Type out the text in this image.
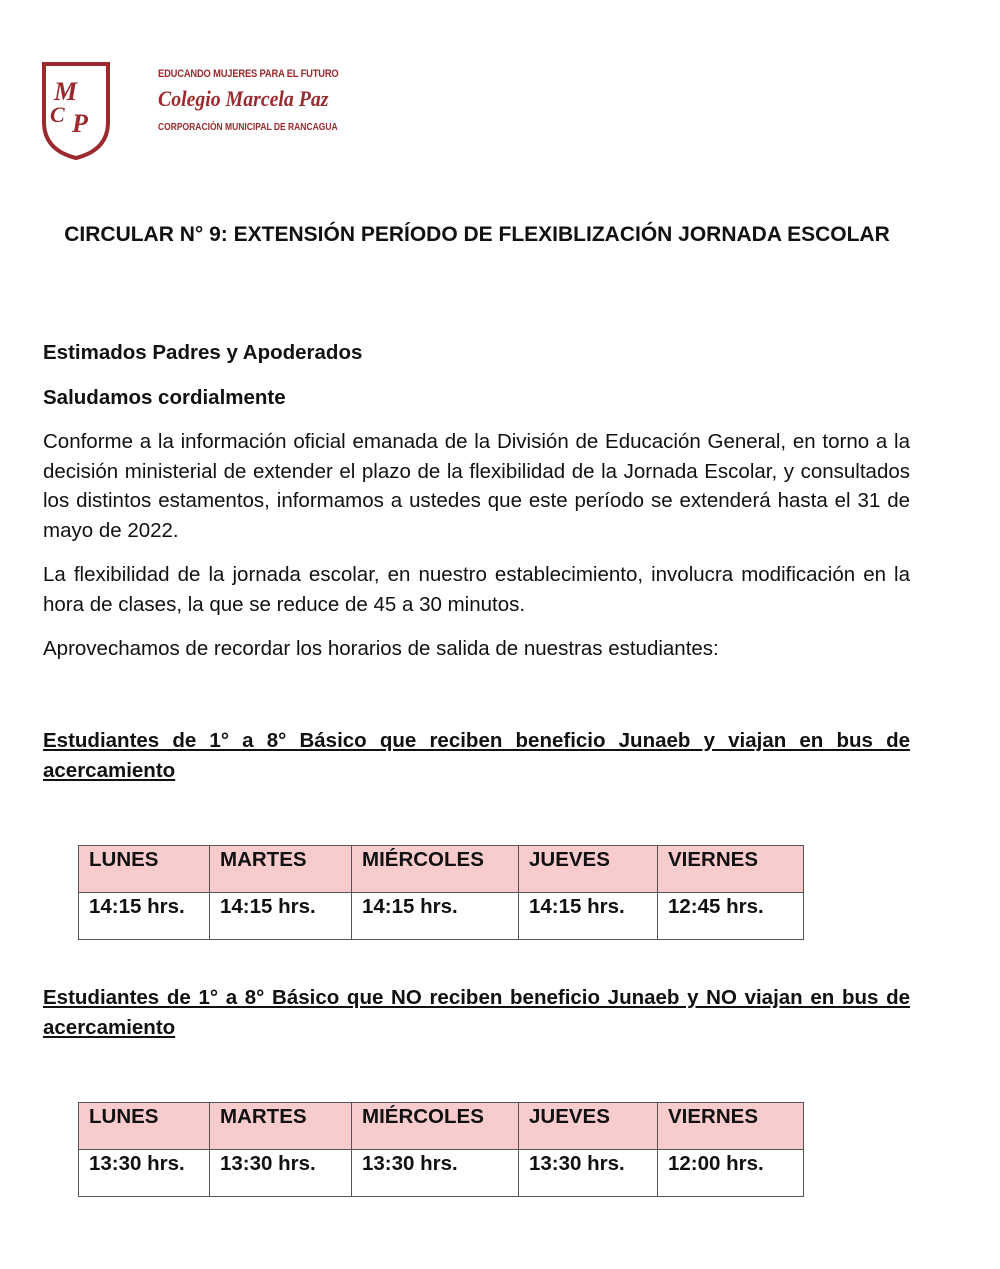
M
C P
EDUCANDO MUJERES PARA EL FUTURO
Colegio Marcela Paz
CORPORACIÓN MUNICIPAL DE RANCAGUA
CIRCULAR N° 9: EXTENSIÓN PERÍODO DE FLEXIBLIZACIÓN JORNADA ESCOLAR

Estimados Padres y Apoderados

Saludamos cordialmente

Conforme a la información oficial emanada de la División de Educación General, en torno a la decisión ministerial de extender el plazo de la flexibilidad de la Jornada Escolar, y consultados los distintos estamentos, informamos a ustedes que este período se extenderá hasta el 31 de mayo de 2022.

La flexibilidad de la jornada escolar, en nuestro establecimiento, involucra modificación en la hora de clases, la que se reduce de 45 a 30 minutos.

Aprovechamos de recordar los horarios de salida de nuestras estudiantes:

Estudiantes de 1° a 8° Básico que reciben beneficio Junaeb y viajan en bus de acercamiento
LUNES	MARTES	MIÉRCOLES	JUEVES	VIERNES
14:15 hrs.	14:15 hrs.	14:15 hrs.	14:15 hrs.	12:45 hrs.
Estudiantes de 1° a 8° Básico que NO reciben beneficio Junaeb y NO viajan en bus de acercamiento
LUNES	MARTES	MIÉRCOLES	JUEVES	VIERNES
13:30 hrs.	13:30 hrs.	13:30 hrs.	13:30 hrs.	12:00 hrs.
